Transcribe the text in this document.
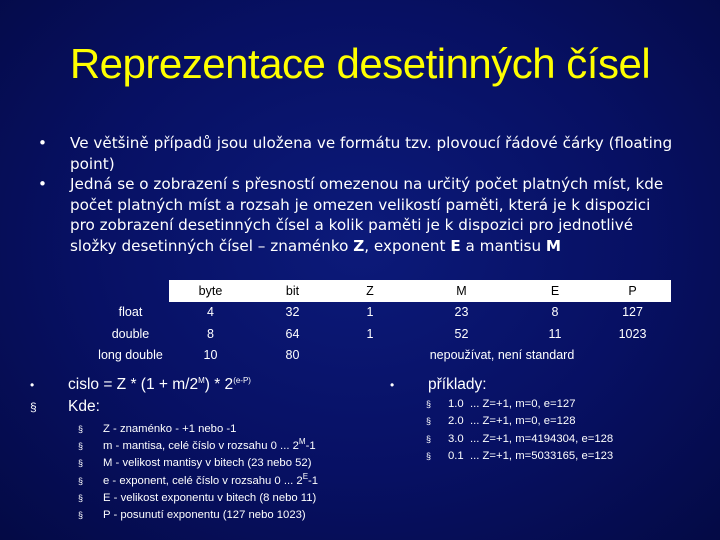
Reprezentace desetinných čísel
• Ve většině případů jsou uložena ve formátu tzv. plovoucí řádové čárky (floating point)
• Jedná se o zobrazení s přesností omezenou na určitý počet platných míst, kde počet platných míst a rozsah je omezen velikostí paměti, která je k dispozici pro zobrazení desetinných čísel a kolik paměti je k dispozici pro jednotlivé složky desetinných čísel – znaménko Z, exponent E a mantisu M
	byte	bit	Z	M	E	P
float	4	32	1	23	8	127
double	8	64	1	52	11	1023
long double	10	80	nepoužívat, není standard			
• cislo = $Z * (1 + m/2^M) * 2^{(e-P)}$
§ Kde:
§ Z - znaménko - +1 nebo -1
§ m - mantisa, celé číslo v rozsahu 0 ... $2^M-1$
§ M - velikost mantisy v bitech (23 nebo 52)
§ e - exponent, celé číslo v rozsahu 0 ... $2^E-1$
§ E - velikost exponentu v bitech (8 nebo 11)
§ P - posunutí exponentu (127 nebo 1023)
• příklady:
§ 1.0  ... Z=+1, m=0, e=127
§ 2.0  ... Z=+1, m=0, e=128
§ 3.0  ... Z=+1, m=4194304, e=128
§ 0.1  ... Z=+1, m=5033165, e=123
